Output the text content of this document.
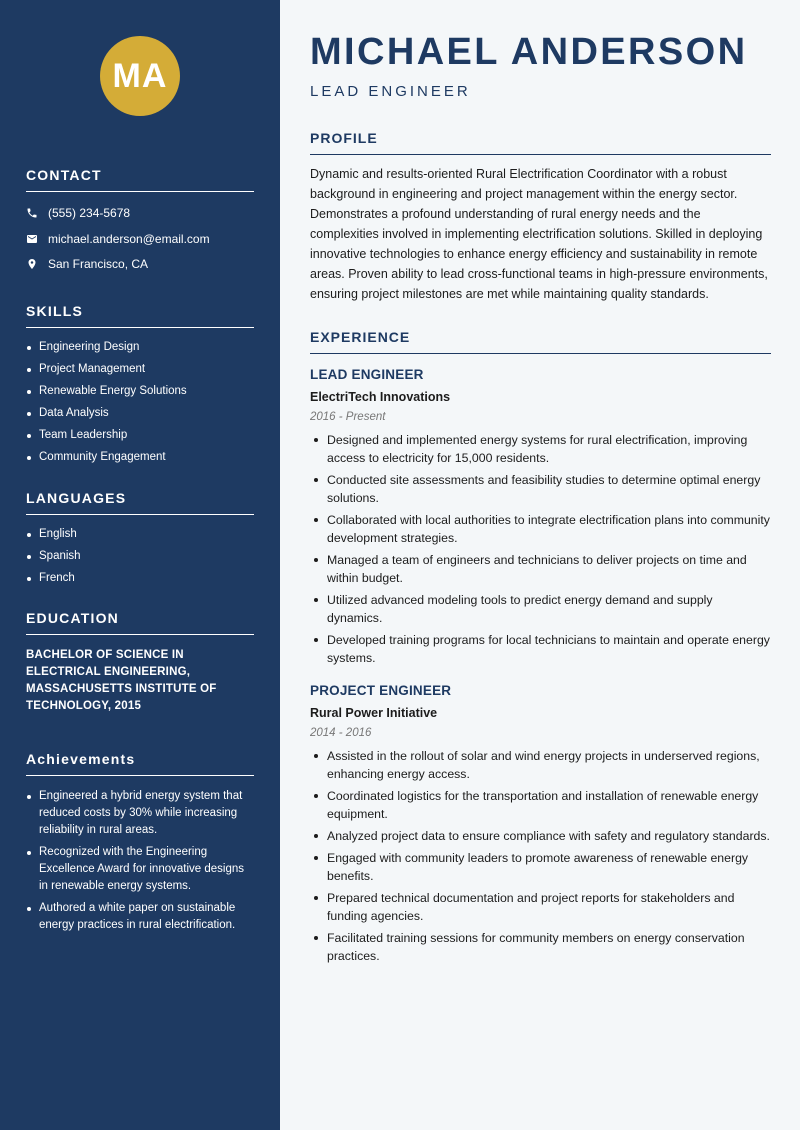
MA
CONTACT
(555) 234-5678
michael.anderson@email.com
San Francisco, CA
SKILLS
Engineering Design
Project Management
Renewable Energy Solutions
Data Analysis
Team Leadership
Community Engagement
LANGUAGES
English
Spanish
French
EDUCATION
BACHELOR OF SCIENCE IN ELECTRICAL ENGINEERING, MASSACHUSETTS INSTITUTE OF TECHNOLOGY, 2015
Achievements
Engineered a hybrid energy system that reduced costs by 30% while increasing reliability in rural areas.
Recognized with the Engineering Excellence Award for innovative designs in renewable energy systems.
Authored a white paper on sustainable energy practices in rural electrification.
MICHAEL ANDERSON
LEAD ENGINEER
PROFILE

Dynamic and results-oriented Rural Electrification Coordinator with a robust background in engineering and project management within the energy sector. Demonstrates a profound understanding of rural energy needs and the complexities involved in implementing electrification solutions. Skilled in deploying innovative technologies to enhance energy efficiency and sustainability in remote areas. Proven ability to lead cross-functional teams in high-pressure environments, ensuring project milestones are met while maintaining quality standards.

EXPERIENCE
LEAD ENGINEER
ElectriTech Innovations
2016 - Present
Designed and implemented energy systems for rural electrification, improving access to electricity for 15,000 residents.
Conducted site assessments and feasibility studies to determine optimal energy solutions.
Collaborated with local authorities to integrate electrification plans into community development strategies.
Managed a team of engineers and technicians to deliver projects on time and within budget.
Utilized advanced modeling tools to predict energy demand and supply dynamics.
Developed training programs for local technicians to maintain and operate energy systems.
PROJECT ENGINEER
Rural Power Initiative
2014 - 2016
Assisted in the rollout of solar and wind energy projects in underserved regions, enhancing energy access.
Coordinated logistics for the transportation and installation of renewable energy equipment.
Analyzed project data to ensure compliance with safety and regulatory standards.
Engaged with community leaders to promote awareness of renewable energy benefits.
Prepared technical documentation and project reports for stakeholders and funding agencies.
Facilitated training sessions for community members on energy conservation practices.
